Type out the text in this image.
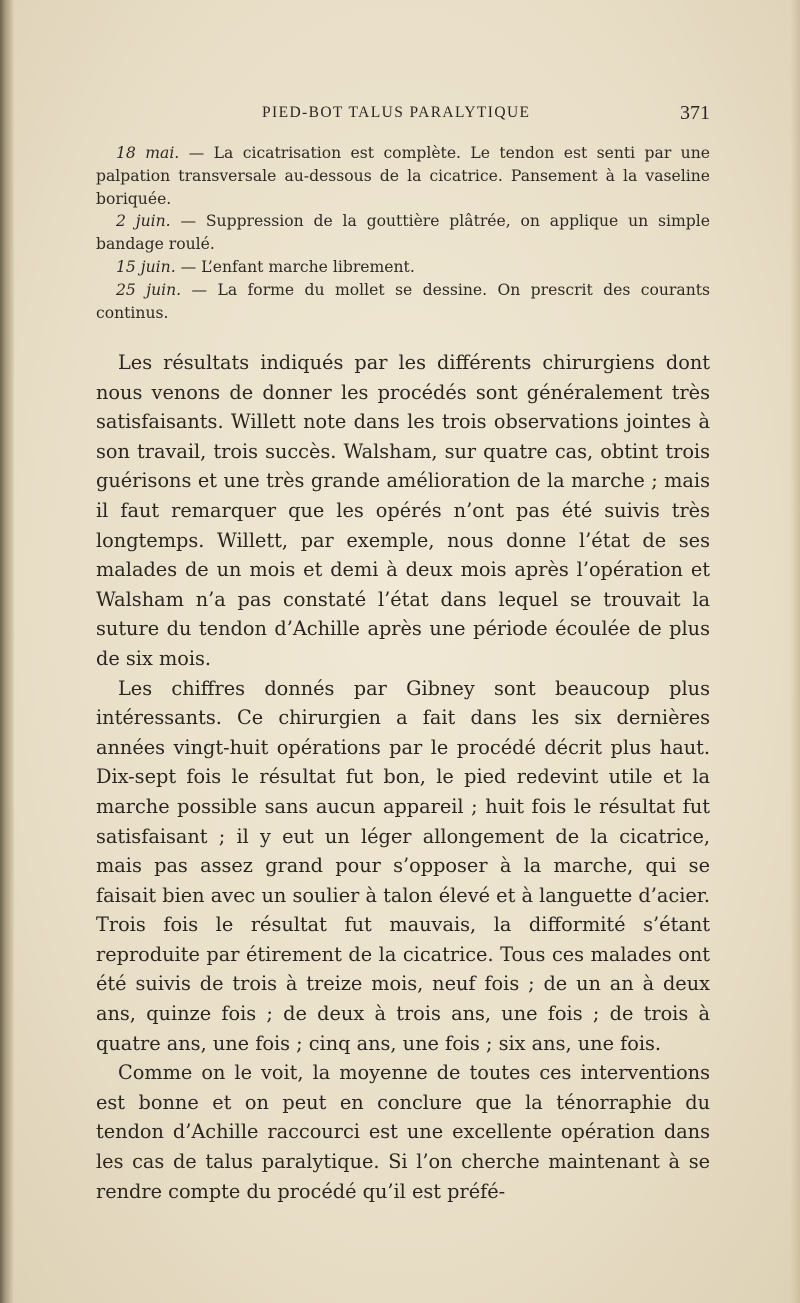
PIED-BOT TALUS PARALYTIQUE	371

18 mai. — La cicatrisation est complète. Le tendon est senti par une palpation transversale au-dessous de la cicatrice. Pansement à la vaseline boriquée.

2 juin. — Suppression de la gouttière plâtrée, on applique un simple bandage roulé.

15 juin. — L’enfant marche librement.

25 juin. — La forme du mollet se dessine. On prescrit des courants continus.

Les résultats indiqués par les différents chirurgiens dont nous venons de donner les procédés sont généralement très satisfaisants. Willett note dans les trois observations jointes à son travail, trois succès. Walsham, sur quatre cas, obtint trois guérisons et une très grande amélioration de la marche ; mais il faut remarquer que les opérés n’ont pas été suivis très longtemps. Willett, par exemple, nous donne l’état de ses malades de un mois et demi à deux mois après l’opération et Walsham n’a pas constaté l’état dans lequel se trouvait la suture du tendon d’Achille après une période écoulée de plus de six mois.

Les chiffres donnés par Gibney sont beaucoup plus intéressants. Ce chirurgien a fait dans les six dernières années vingt-huit opérations par le procédé décrit plus haut. Dix-sept fois le résultat fut bon, le pied redevint utile et la marche possible sans aucun appareil ; huit fois le résultat fut satisfaisant ; il y eut un léger allongement de la cicatrice, mais pas assez grand pour s’opposer à la marche, qui se faisait bien avec un soulier à talon élevé et à languette d’acier. Trois fois le résultat fut mauvais, la difformité s’étant reproduite par étirement de la cicatrice. Tous ces malades ont été suivis de trois à treize mois, neuf fois ; de un an à deux ans, quinze fois ; de deux à trois ans, une fois ; de trois à quatre ans, une fois ; cinq ans, une fois ; six ans, une fois.

Comme on le voit, la moyenne de toutes ces interventions est bonne et on peut en conclure que la ténorraphie du tendon d’Achille raccourci est une excellente opération dans les cas de talus paralytique. Si l’on cherche maintenant à se rendre compte du procédé qu’il est préfé-
